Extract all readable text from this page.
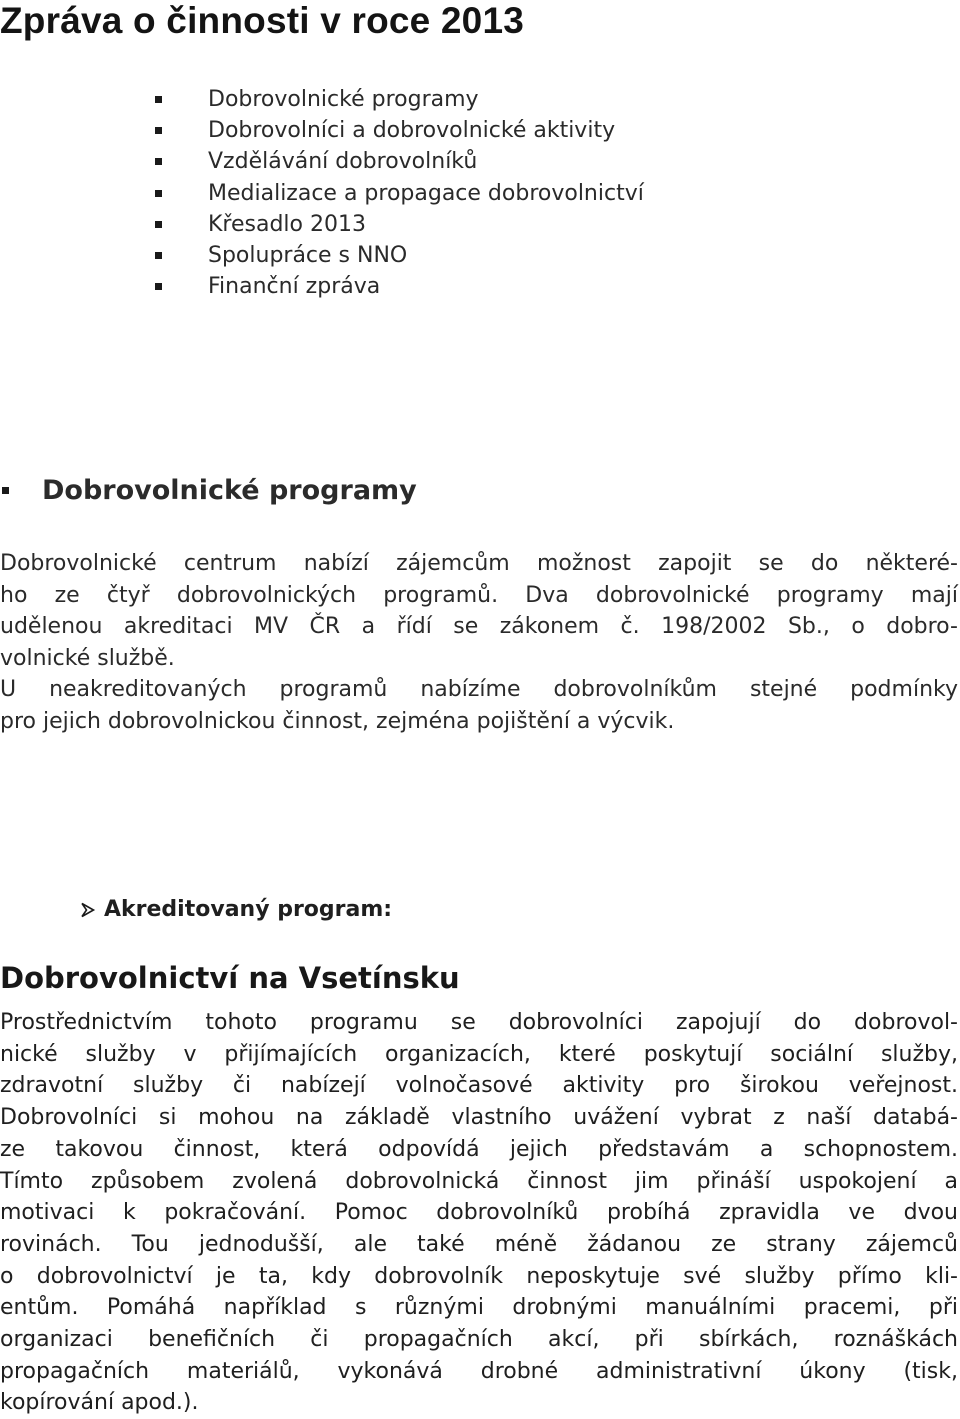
Zpráva o činnosti v roce 2013
Dobrovolnické programy
Dobrovolníci a dobrovolnické aktivity
Vzdělávání dobrovolníků
Medializace a propagace dobrovolnictví
Křesadlo 2013
Spolupráce s NNO
Finanční zpráva
Dobrovolnické programy

Dobrovolnické centrum nabízí zájemcům možnost zapojit se do některé-
ho ze čtyř dobrovolnických programů. Dva dobrovolnické programy mají
udělenou akreditaci MV ČR a řídí se zákonem č. 198/2002 Sb., o dobro-
volnické službě.
U neakreditovaných programů nabízíme dobrovolníkům stejné podmínky
pro jejich dobrovolnickou činnost, zejména pojištění a výcvik.

Akreditovaný program:
Dobrovolnictví na Vsetínsku

Prostřednictvím tohoto programu se dobrovolníci zapojují do dobrovol-
nické služby v přijímajících organizacích, které poskytují sociální služby,
zdravotní služby či nabízejí volnočasové aktivity pro širokou veřejnost.
Dobrovolníci si mohou na základě vlastního uvážení vybrat z naší databá-
ze takovou činnost, která odpovídá jejich představám a schopnostem.
Tímto způsobem zvolená dobrovolnická činnost jim přináší uspokojení a
motivaci k pokračování. Pomoc dobrovolníků probíhá zpravidla ve dvou
rovinách. Tou jednodušší, ale také méně žádanou ze strany zájemců
o dobrovolnictví je ta, kdy dobrovolník neposkytuje své služby přímo kli-
entům. Pomáhá například s různými drobnými manuálními pracemi, při
organizaci benefičních či propagačních akcí, při sbírkách, roznáškách
propagačních materiálů, vykonává drobné administrativní úkony (tisk,
kopírování apod.).
